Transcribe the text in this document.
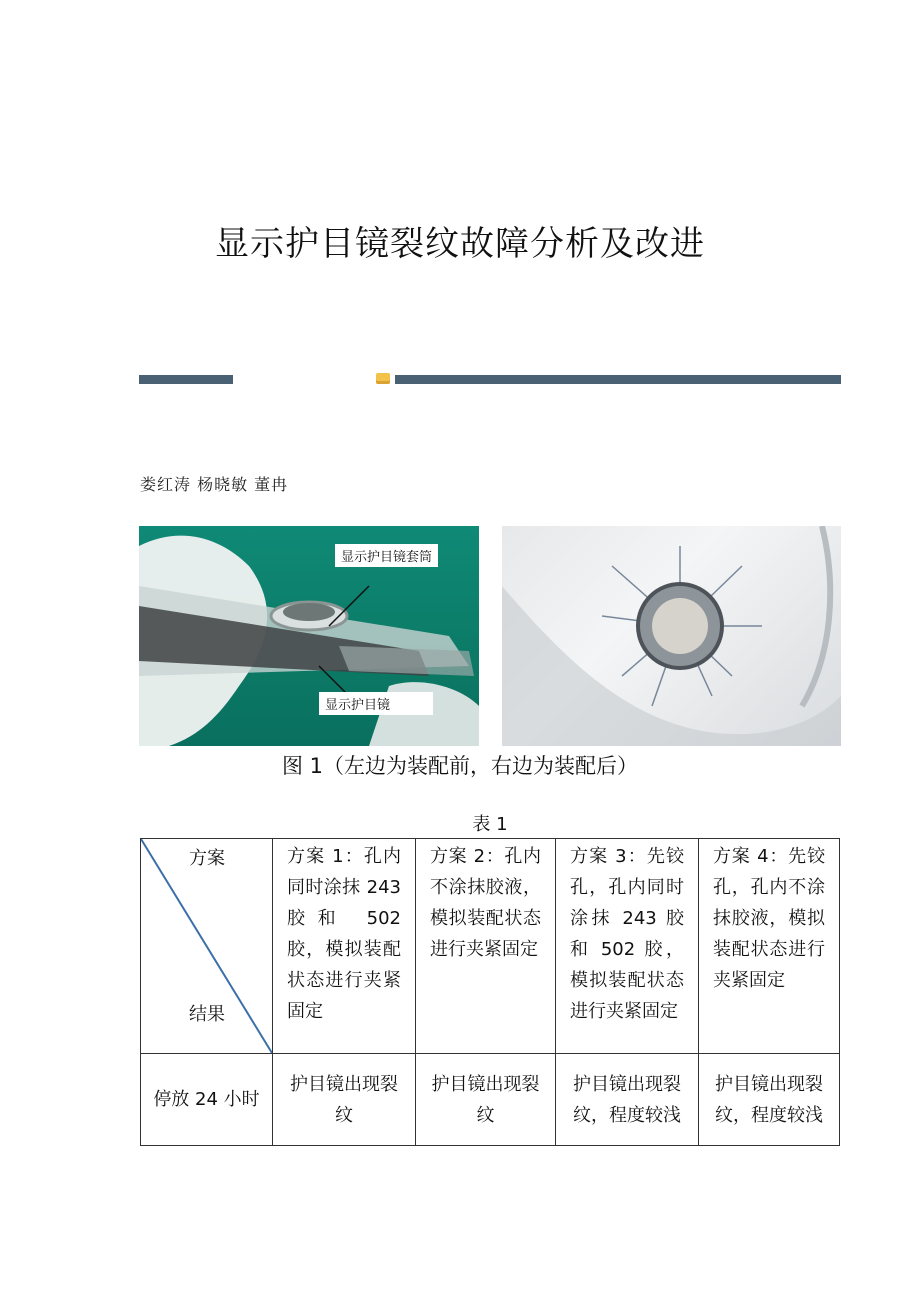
显示护目镜裂纹故障分析及改进
娄红涛 杨晓敏 董冉
显示护目镜套筒
显示护目镜
图 1（左边为装配前，右边为装配后）
表 1
方案
结果	方案 1：孔内同时涂抹 243 胶和 502 胶，模拟装配状态进行夹紧固定	方案 2：孔内不涂抹胶液，模拟装配状态进行夹紧固定	方案 3：先铰孔，孔内同时涂抹 243 胶和 502 胶，模拟装配状态进行夹紧固定	方案 4：先铰孔，孔内不涂抹胶液，模拟装配状态进行夹紧固定
停放 24 小时	护目镜出现裂纹	护目镜出现裂纹	护目镜出现裂纹，程度较浅	护目镜出现裂纹，程度较浅
